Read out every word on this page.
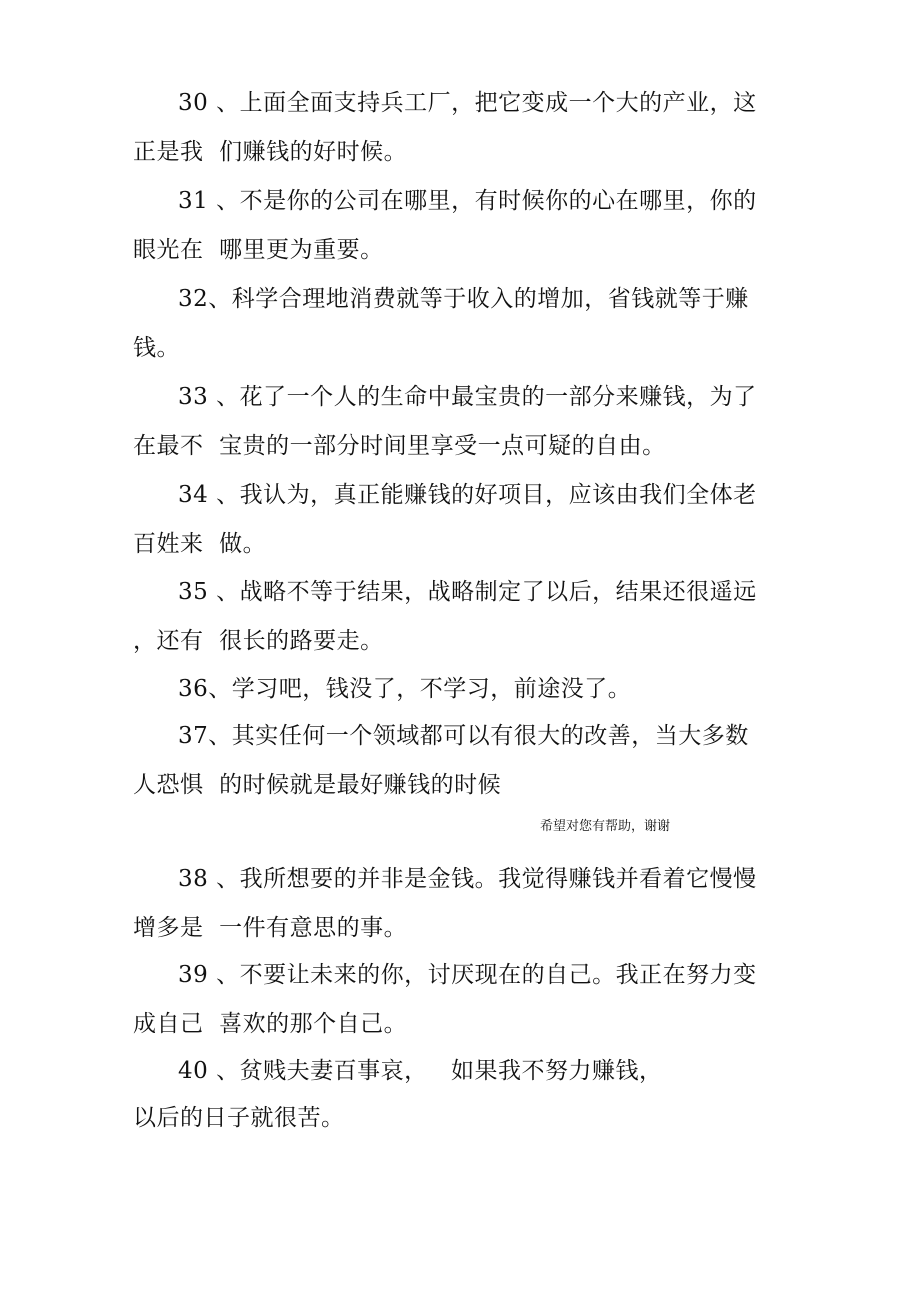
30 、上面全面支持兵工厂，把它变成一个大的产业，这
正是我  们赚钱的好时候。
31 、不是你的公司在哪里，有时候你的心在哪里，你的
眼光在  哪里更为重要。
32、科学合理地消费就等于收入的增加，省钱就等于赚
钱。
33 、花了一个人的生命中最宝贵的一部分来赚钱，为了
在最不  宝贵的一部分时间里享受一点可疑的自由。
34 、我认为，真正能赚钱的好项目，应该由我们全体老
百姓来  做。
35 、战略不等于结果，战略制定了以后，结果还很遥远
，还有  很长的路要走。
36、学习吧，钱没了，不学习，前途没了。
37、其实任何一个领域都可以有很大的改善，当大多数
人恐惧  的时候就是最好赚钱的时候
希望对您有帮助，谢谢
38 、我所想要的并非是金钱。我觉得赚钱并看着它慢慢
增多是  一件有意思的事。
39 、不要让未来的你，讨厌现在的自己。我正在努力变
成自己  喜欢的那个自己。
40 、贫贱夫妻百事哀，   如果我不努力赚钱，
以后的日子就很苦。
